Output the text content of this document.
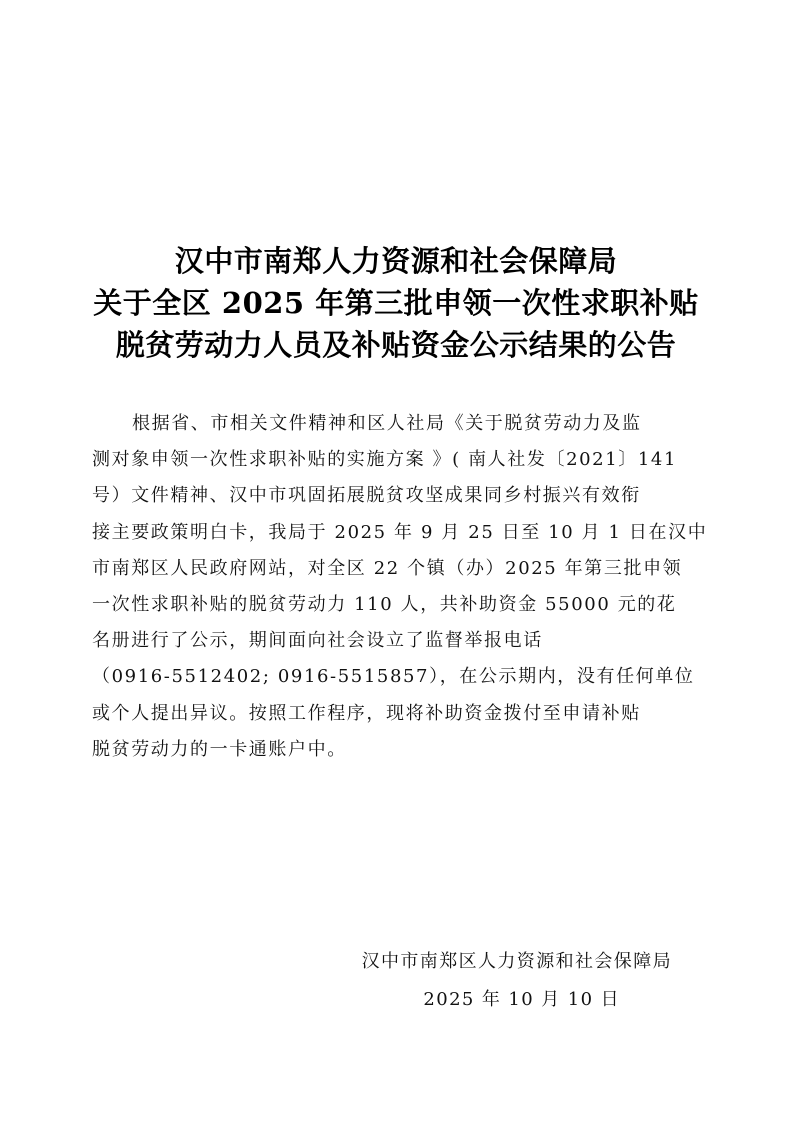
汉中市南郑人力资源和社会保障局
关于全区 2025 年第三批申领一次性求职补贴
脱贫劳动力人员及补贴资金公示结果的公告
根据省、市相关文件精神和区人社局《关于脱贫劳动力及监
测对象申领一次性求职补贴的实施方案 》( 南人社发〔2021〕141
号）文件精神、汉中市巩固拓展脱贫攻坚成果同乡村振兴有效衔
接主要政策明白卡，我局于 2025 年 9 月 25 日至 10 月 1 日在汉中
市南郑区人民政府网站，对全区 22 个镇（办）2025 年第三批申领
一次性求职补贴的脱贫劳动力 110 人，共补助资金 55000 元的花
名册进行了公示，期间面向社会设立了监督举报电话
（0916-5512402; 0916-5515857），在公示期内，没有任何单位
或个人提出异议。按照工作程序，现将补助资金拨付至申请补贴
脱贫劳动力的一卡通账户中。
汉中市南郑区人力资源和社会保障局
2025 年 10 月 10 日
